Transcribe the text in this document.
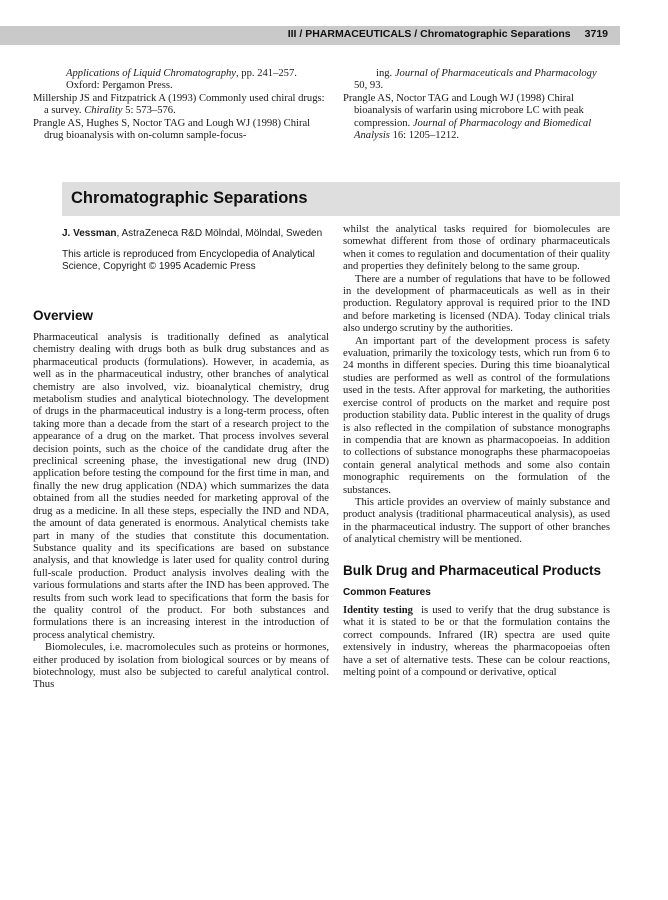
III / PHARMACEUTICALS / Chromatographic Separations 3719
Applications of Liquid Chromatography, pp. 241–257.
Oxford: Pergamon Press.
Millership JS and Fitzpatrick A (1993) Commonly used chiral drugs: a survey. Chirality 5: 573–576.
Prangle AS, Hughes S, Noctor TAG and Lough WJ (1998) Chiral drug bioanalysis with on-column sample-focus-
ing. Journal of Pharmaceuticals and Pharmacology 50, 93.
Prangle AS, Noctor TAG and Lough WJ (1998) Chiral bioanalysis of warfarin using microbore LC with peak compression. Journal of Pharmacology and Biomedical Analysis 16: 1205–1212.
Chromatographic Separations
J. Vessman, AstraZeneca R&D Mölndal, Mölndal, Sweden
This article is reproduced from Encyclopedia of Analytical Science, Copyright © 1995 Academic Press
Overview

Pharmaceutical analysis is traditionally defined as analytical chemistry dealing with drugs both as bulk drug substances and as pharmaceutical products (formulations). However, in academia, as well as in the pharmaceutical industry, other branches of analytical chemistry are also involved, viz. bioanalytical chemistry, drug metabolism studies and analytical biotechnology. The development of drugs in the pharmaceutical industry is a long-term process, often taking more than a decade from the start of a research project to the appearance of a drug on the market. That process involves several decision points, such as the choice of the candidate drug after the preclinical screening phase, the investigational new drug (IND) application before testing the compound for the first time in man, and finally the new drug application (NDA) which summarizes the data obtained from all the studies needed for marketing approval of the drug as a medicine. In all these steps, especially the IND and NDA, the amount of data generated is enormous. Analytical chemists take part in many of the studies that constitute this documentation. Substance quality and its specifications are based on substance analysis, and that knowledge is later used for quality control during full-scale production. Product analysis involves dealing with the various formulations and starts after the IND has been approved. The results from such work lead to specifications that form the basis for the quality control of the product. For both substances and formulations there is an increasing interest in the introduction of process analytical chemistry.

Biomolecules, i.e. macromolecules such as proteins or hormones, either produced by isolation from biological sources or by means of biotechnology, must also be subjected to careful analytical control. Thus

whilst the analytical tasks required for biomolecules are somewhat different from those of ordinary pharmaceuticals when it comes to regulation and documentation of their quality and properties they definitely belong to the same group.

There are a number of regulations that have to be followed in the development of pharmaceuticals as well as in their production. Regulatory approval is required prior to the IND and before marketing is licensed (NDA). Today clinical trials also undergo scrutiny by the authorities.

An important part of the development process is safety evaluation, primarily the toxicology tests, which run from 6 to 24 months in different species. During this time bioanalytical studies are performed as well as control of the formulations used in the tests. After approval for marketing, the authorities exercise control of products on the market and require post production stability data. Public interest in the quality of drugs is also reflected in the compilation of substance monographs in compendia that are known as pharmacopoeias. In addition to collections of substance monographs these pharmacopoeias contain general analytical methods and some also contain monographic requirements on the formulation of the substances.

This article provides an overview of mainly substance and product analysis (traditional pharmaceutical analysis), as used in the pharmaceutical industry. The support of other branches of analytical chemistry will be mentioned.

Bulk Drug and Pharmaceutical Products
Common Features

Identity testing is used to verify that the drug substance is what it is stated to be or that the formulation contains the correct compounds. Infrared (IR) spectra are used quite extensively in industry, whereas the pharmacopoeias often have a set of alternative tests. These can be colour reactions, melting point of a compound or derivative, optical
